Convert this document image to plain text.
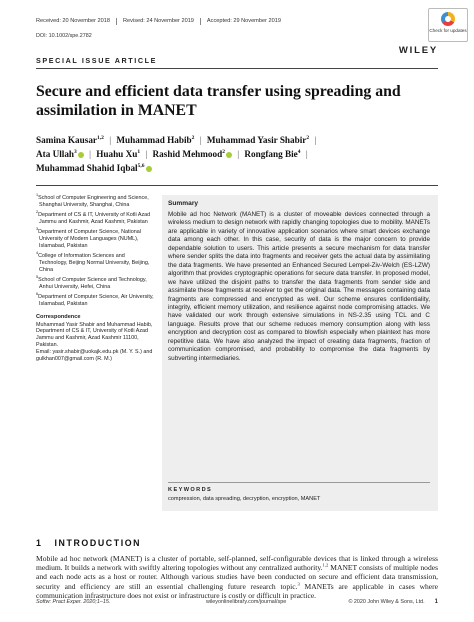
Received: 20 November 2018 Revised: 24 November 2019 Accepted: 29 November 2019
DOI: 10.1002/spe.2782
Check for updates
WILEY
SPECIAL ISSUE ARTICLE
Secure and efficient data transfer using spreading and assimilation in MANET
Samina Kausar$^{1,2}$ | Muhammad Habib$^2$ | Muhammad Yasir Shabir$^2$ |
Ata Ullah$^3$ | Huahu Xu$^1$ | Rashid Mehmood$^2$ | Rongfang Bie$^4$ |
Muhammad Shahid Iqbal$^{5,6}$

$^1$School of Computer Engineering and Science, Shanghai University, Shanghai, China

$^2$Department of CS & IT, University of Kotli Azad Jammu and Kashmir, Azad Kashmir, Pakistan

$^3$Department of Computer Science, National University of Modern Languages (NUML), Islamabad, Pakistan

$^4$College of Information Sciences and Technology, Beijing Normal University, Beijing, China

$^5$School of Computer Science and Technology, Anhui University, Hefei, China

$^6$Department of Computer Science, Air University, Islamabad, Pakistan

Correspondence
Muhammad Yasir Shabir and Muhammad Habib, Department of CS & IT, University of Kotli Azad Jammu and Kashmir, Azad Kashmir 11100, Pakistan.
Email: yasir.shabir@uokajk.edu.pk (M. Y. S.) and gulkhan007@gmail.com (R. M.)
Summary
Mobile ad hoc Network (MANET) is a cluster of moveable devices connected through a wireless medium to design network with rapidly changing topologies due to mobility. MANETs are applicable in variety of innovative application scenarios where smart devices exchange data among each other. In this case, security of data is the major concern to provide dependable solution to users. This article presents a secure mechanism for data transfer where sender splits the data into fragments and receiver gets the actual data by assimilating the data fragments. We have presented an Enhanced Secured Lempel-Ziv-Welch (ES-LZW) algorithm that provides cryptographic operations for secure data transfer. In proposed model, we have utilized the disjoint paths to transfer the data fragments from sender side and assimilate these fragments at receiver to get the original data. The messages containing data fragments are compressed and encrypted as well. Our scheme ensures confidentiality, integrity, efficient memory utilization, and resilience against node compromising attacks. We have validated our work through extensive simulations in NS-2.35 using TCL and C language. Results prove that our scheme reduces memory consumption along with less encryption and decryption cost as compared to blowfish especially when plaintext has more repetitive data. We have also analyzed the impact of creating data fragments, fraction of communication compromised, and probability to compromise the data fragments by subverting intermediaries.
KEYWORDS
compression, data spreading, decryption, encryption, MANET
1 INTRODUCTION
Mobile ad hoc network (MANET) is a cluster of portable, self-planned, self-configurable devices that is linked through a wireless medium. It builds a network with swiftly altering topologies without any centralized authority.$^{1,2}$ MANET consists of multiple nodes and each node acts as a host or router. Although various studies have been conducted on secure and efficient data transmission, security and efficiency are still an essential challenging future research topic.$^3$ MANETs are applicable in cases where communication infrastructure does not exist or infrastructure is costly or difficult in practice.
Softw: Pract Exper. 2020;1–15.	wileyonlinelibrary.com/journal/spe	© 2020 John Wiley & Sons, Ltd. 1
